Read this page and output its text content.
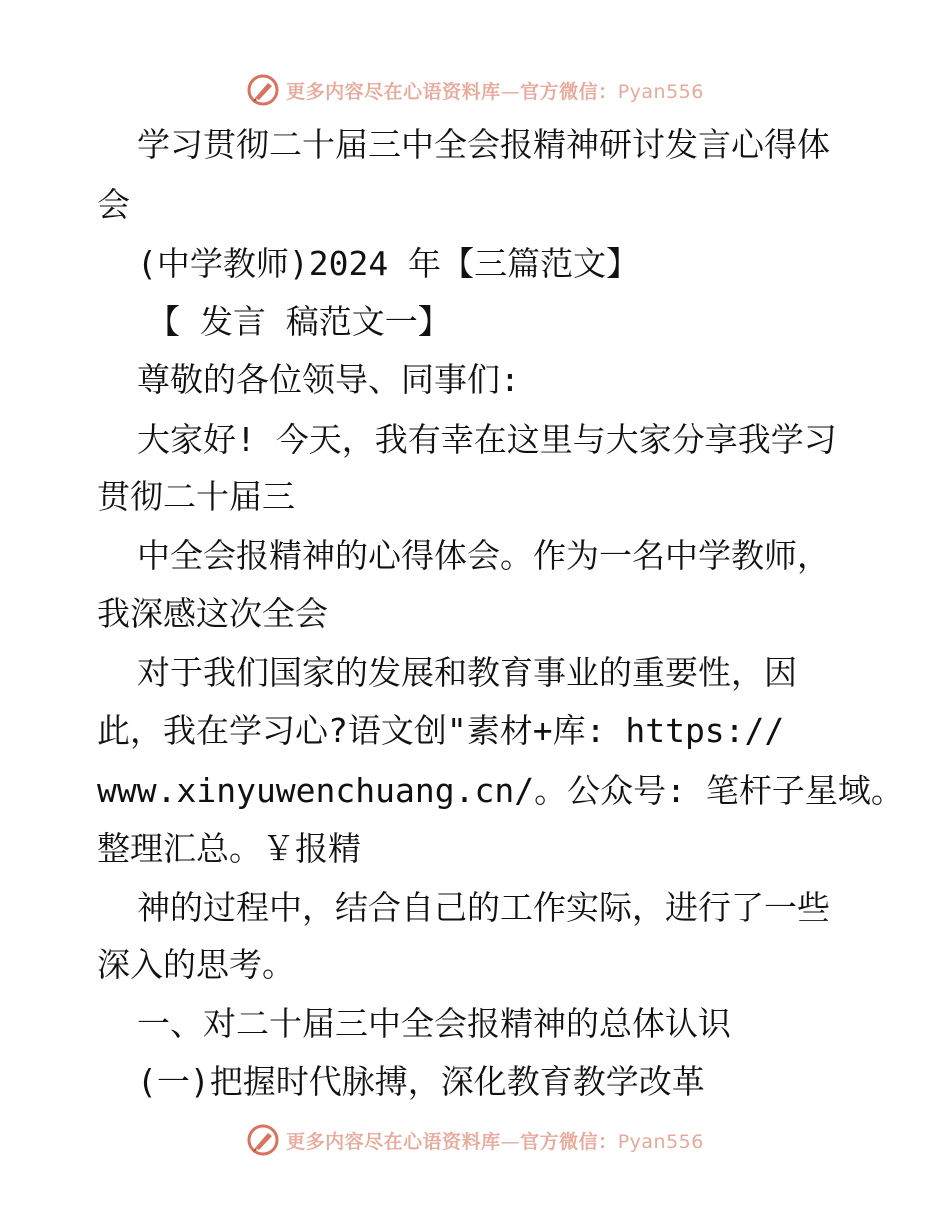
更多内容尽在心语资料库—官方微信：Pyan556
学习贯彻二十届三中全会报精神研讨发言心得体
会
(中学教师)2024 年【三篇范文】
【 发言 稿范文一】
尊敬的各位领导、同事们:
大家好! 今天，我有幸在这里与大家分享我学习
贯彻二十届三
中全会报精神的心得体会。作为一名中学教师，
我深感这次全会
对于我们国家的发展和教育事业的重要性，因
此，我在学习心?语文创"素材+库: https://
www.xinyuwenchuang.cn/。公众号: 笔杆子星域。
整理汇总。￥报精
神的过程中，结合自己的工作实际，进行了一些
深入的思考。
一、对二十届三中全会报精神的总体认识
(一)把握时代脉搏，深化教育教学改革
更多内容尽在心语资料库—官方微信：Pyan556
